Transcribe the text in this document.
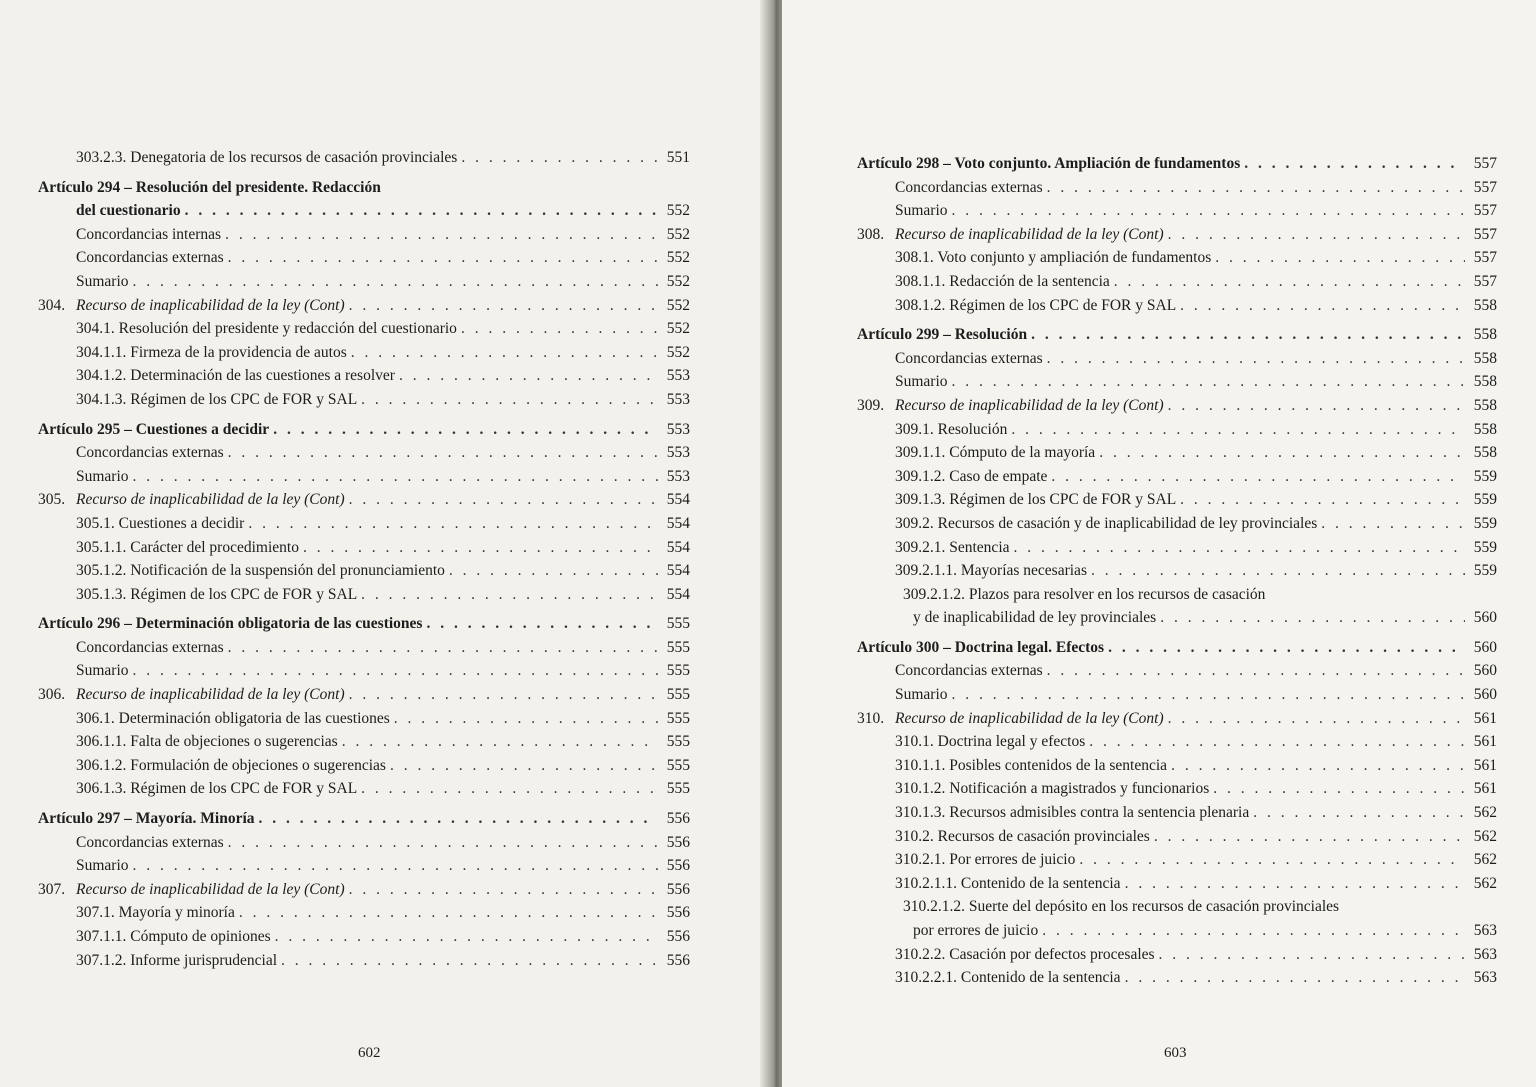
303.2.3. Denegatoria de los recursos de casación provinciales . . .	551
Artículo 294 – Resolución del presidente. Redacción
del cuestionario . . .	552
Concordancias internas . . .	552
Concordancias externas . . .	552
Sumario . . .	552
304. Recurso de inaplicabilidad de la ley (Cont) . . .	552
304.1. Resolución del presidente y redacción del cuestionario . . .	552
304.1.1. Firmeza de la providencia de autos . . .	552
304.1.2. Determinación de las cuestiones a resolver . . .	553
304.1.3. Régimen de los CPC de FOR y SAL . . .	553
Artículo 295 – Cuestiones a decidir . . .	553
Concordancias externas . . .	553
Sumario . . .	553
305. Recurso de inaplicabilidad de la ley (Cont) . . .	554
305.1. Cuestiones a decidir . . .	554
305.1.1. Carácter del procedimiento . . .	554
305.1.2. Notificación de la suspensión del pronunciamiento . . .	554
305.1.3. Régimen de los CPC de FOR y SAL . . .	554
Artículo 296 – Determinación obligatoria de las cuestiones . . .	555
Concordancias externas . . .	555
Sumario . . .	555
306. Recurso de inaplicabilidad de la ley (Cont) . . .	555
306.1. Determinación obligatoria de las cuestiones . . .	555
306.1.1. Falta de objeciones o sugerencias . . .	555
306.1.2. Formulación de objeciones o sugerencias . . .	555
306.1.3. Régimen de los CPC de FOR y SAL . . .	555
Artículo 297 – Mayoría. Minoría . . .	556
Concordancias externas . . .	556
Sumario . . .	556
307. Recurso de inaplicabilidad de la ley (Cont) . . .	556
307.1. Mayoría y minoría . . .	556
307.1.1. Cómputo de opiniones . . .	556
307.1.2. Informe jurisprudencial . . .	556
602
Artículo 298 – Voto conjunto. Ampliación de fundamentos . . .	557
Concordancias externas . . .	557
Sumario . . .	557
308. Recurso de inaplicabilidad de la ley (Cont) . . .	557
308.1. Voto conjunto y ampliación de fundamentos . . .	557
308.1.1. Redacción de la sentencia . . .	557
308.1.2. Régimen de los CPC de FOR y SAL . . .	558
Artículo 299 – Resolución . . .	558
Concordancias externas . . .	558
Sumario . . .	558
309. Recurso de inaplicabilidad de la ley (Cont) . . .	558
309.1. Resolución . . .	558
309.1.1. Cómputo de la mayoría . . .	558
309.1.2. Caso de empate . . .	559
309.1.3. Régimen de los CPC de FOR y SAL . . .	559
309.2. Recursos de casación y de inaplicabilidad de ley provinciales . . .	559
309.2.1. Sentencia . . .	559
309.2.1.1. Mayorías necesarias . . .	559
309.2.1.2. Plazos para resolver en los recursos de casación
y de inaplicabilidad de ley provinciales . . .	560
Artículo 300 – Doctrina legal. Efectos . . .	560
Concordancias externas . . .	560
Sumario . . .	560
310. Recurso de inaplicabilidad de la ley (Cont) . . .	561
310.1. Doctrina legal y efectos . . .	561
310.1.1. Posibles contenidos de la sentencia . . .	561
310.1.2. Notificación a magistrados y funcionarios . . .	561
310.1.3. Recursos admisibles contra la sentencia plenaria . . .	562
310.2. Recursos de casación provinciales . . .	562
310.2.1. Por errores de juicio . . .	562
310.2.1.1. Contenido de la sentencia . . .	562
310.2.1.2. Suerte del depósito en los recursos de casación provinciales
por errores de juicio . . .	563
310.2.2. Casación por defectos procesales . . .	563
310.2.2.1. Contenido de la sentencia . . .	563
603
